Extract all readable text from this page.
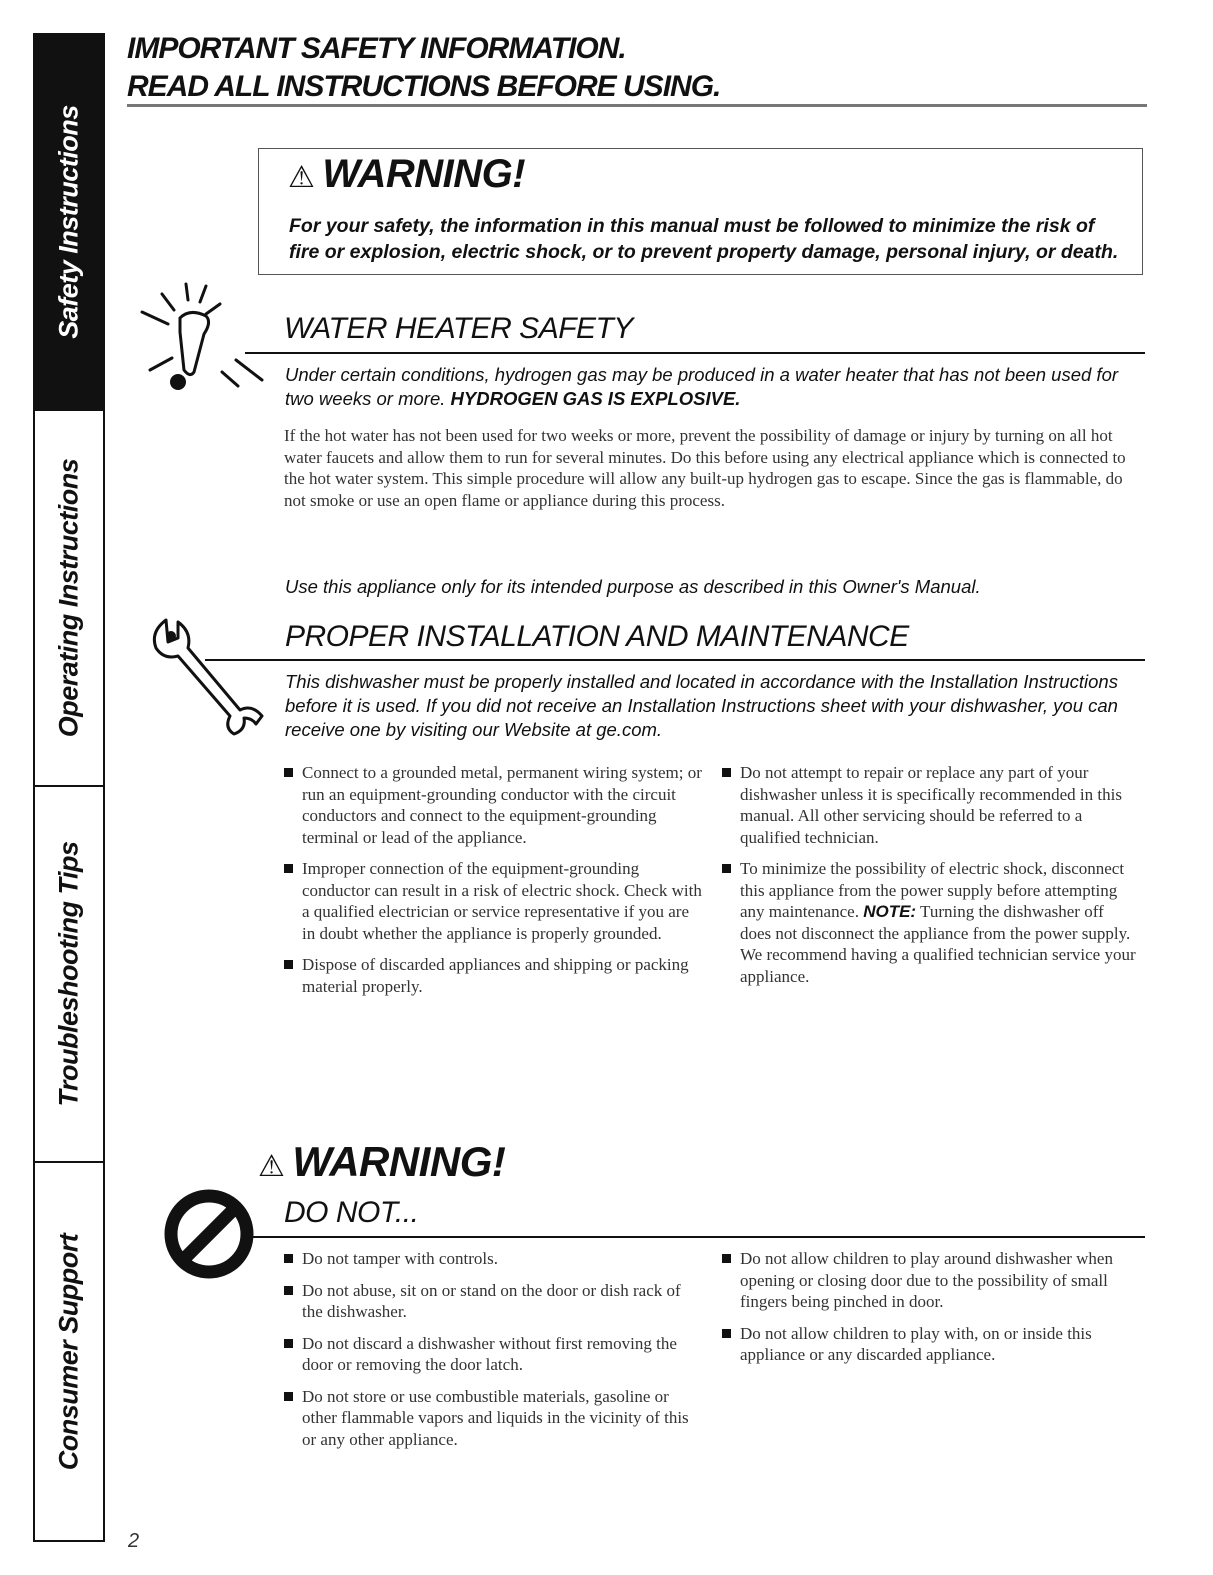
Safety Instructions
Operating Instructions
Troubleshooting Tips
Consumer Support
IMPORTANT SAFETY INFORMATION.
READ ALL INSTRUCTIONS BEFORE USING.
⚠ WARNING!
For your safety, the information in this manual must be followed to minimize the risk of fire or explosion, electric shock, or to prevent property damage, personal injury, or death.
WATER HEATER SAFETY
Under certain conditions, hydrogen gas may be produced in a water heater that has not been used for two weeks or more. HYDROGEN GAS IS EXPLOSIVE.
If the hot water has not been used for two weeks or more, prevent the possibility of damage or injury by turning on all hot water faucets and allow them to run for several minutes. Do this before using any electrical appliance which is connected to the hot water system. This simple procedure will allow any built-up hydrogen gas to escape. Since the gas is flammable, do not smoke or use an open flame or appliance during this process.
Use this appliance only for its intended purpose as described in this Owner's Manual.
PROPER INSTALLATION AND MAINTENANCE
This dishwasher must be properly installed and located in accordance with the Installation Instructions before it is used. If you did not receive an Installation Instructions sheet with your dishwasher, you can receive one by visiting our Website at ge.com.
Connect to a grounded metal, permanent wiring system; or run an equipment-grounding conductor with the circuit conductors and connect to the equipment-grounding terminal or lead of the appliance.
Improper connection of the equipment-grounding conductor can result in a risk of electric shock. Check with a qualified electrician or service representative if you are in doubt whether the appliance is properly grounded.
Dispose of discarded appliances and shipping or packing material properly.
Do not attempt to repair or replace any part of your dishwasher unless it is specifically recommended in this manual. All other servicing should be referred to a qualified technician.
To minimize the possibility of electric shock, disconnect this appliance from the power supply before attempting any maintenance. NOTE: Turning the dishwasher off does not disconnect the appliance from the power supply. We recommend having a qualified technician service your appliance.
⚠ WARNING!
DO NOT...
Do not tamper with controls.
Do not abuse, sit on or stand on the door or dish rack of the dishwasher.
Do not discard a dishwasher without first removing the door or removing the door latch.
Do not store or use combustible materials, gasoline or other flammable vapors and liquids in the vicinity of this or any other appliance.
Do not allow children to play around dishwasher when opening or closing door due to the possibility of small fingers being pinched in door.
Do not allow children to play with, on or inside this appliance or any discarded appliance.
2
